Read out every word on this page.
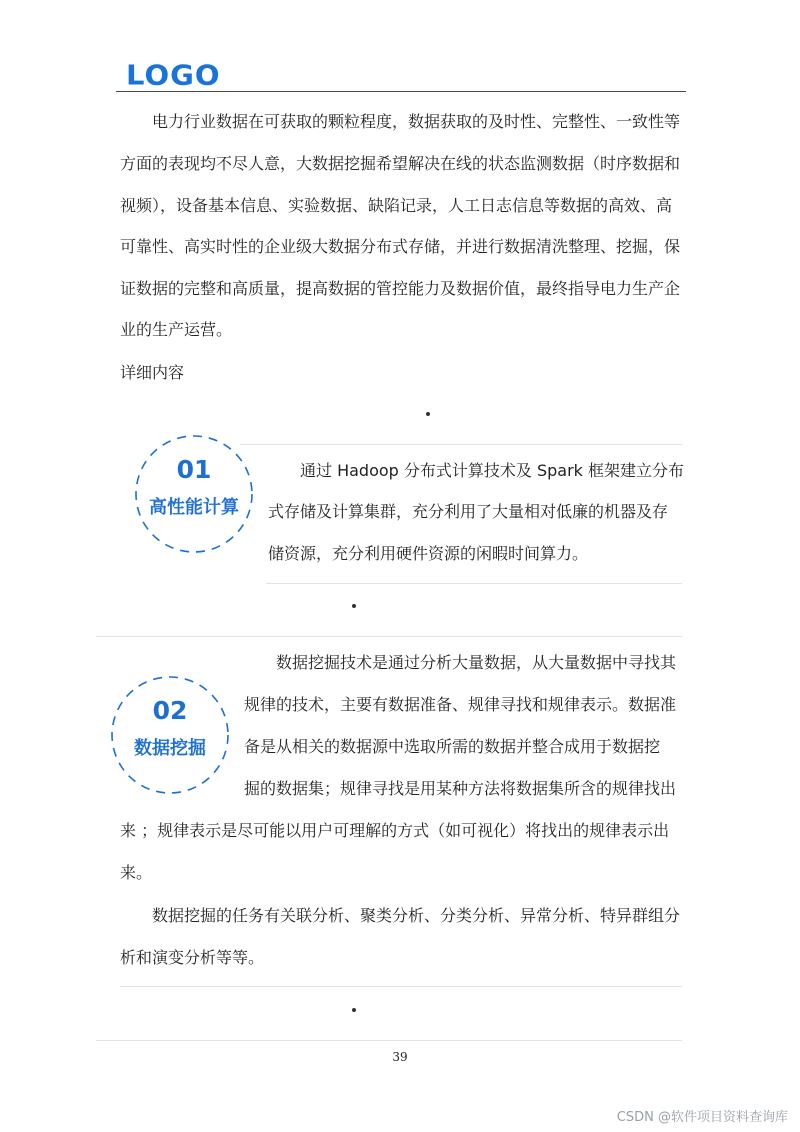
LOGO
电力行业数据在可获取的颗粒程度，数据获取的及时性、完整性、一致性等
方面的表现均不尽人意，大数据挖掘希望解决在线的状态监测数据（时序数据和
视频），设备基本信息、实验数据、缺陷记录，人工日志信息等数据的高效、高
可靠性、高实时性的企业级大数据分布式存储，并进行数据清洗整理、挖掘，保
证数据的完整和高质量，提高数据的管控能力及数据价值，最终指导电力生产企
业的生产运营。
详细内容
01
高性能计算
通过 Hadoop 分布式计算技术及 Spark 框架建立分布
式存储及计算集群，充分利用了大量相对低廉的机器及存
储资源，充分利用硬件资源的闲暇时间算力。
02
数据挖掘
数据挖掘技术是通过分析大量数据，从大量数据中寻找其
规律的技术，主要有数据准备、规律寻找和规律表示。数据准
备是从相关的数据源中选取所需的数据并整合成用于数据挖
掘的数据集；规律寻找是用某种方法将数据集所含的规律找出
来 ；规律表示是尽可能以用户可理解的方式（如可视化）将找出的规律表示出
来。
数据挖掘的任务有关联分析、聚类分析、分类分析、异常分析、特异群组分
析和演变分析等等。
39
CSDN @软件项目资料查询库
